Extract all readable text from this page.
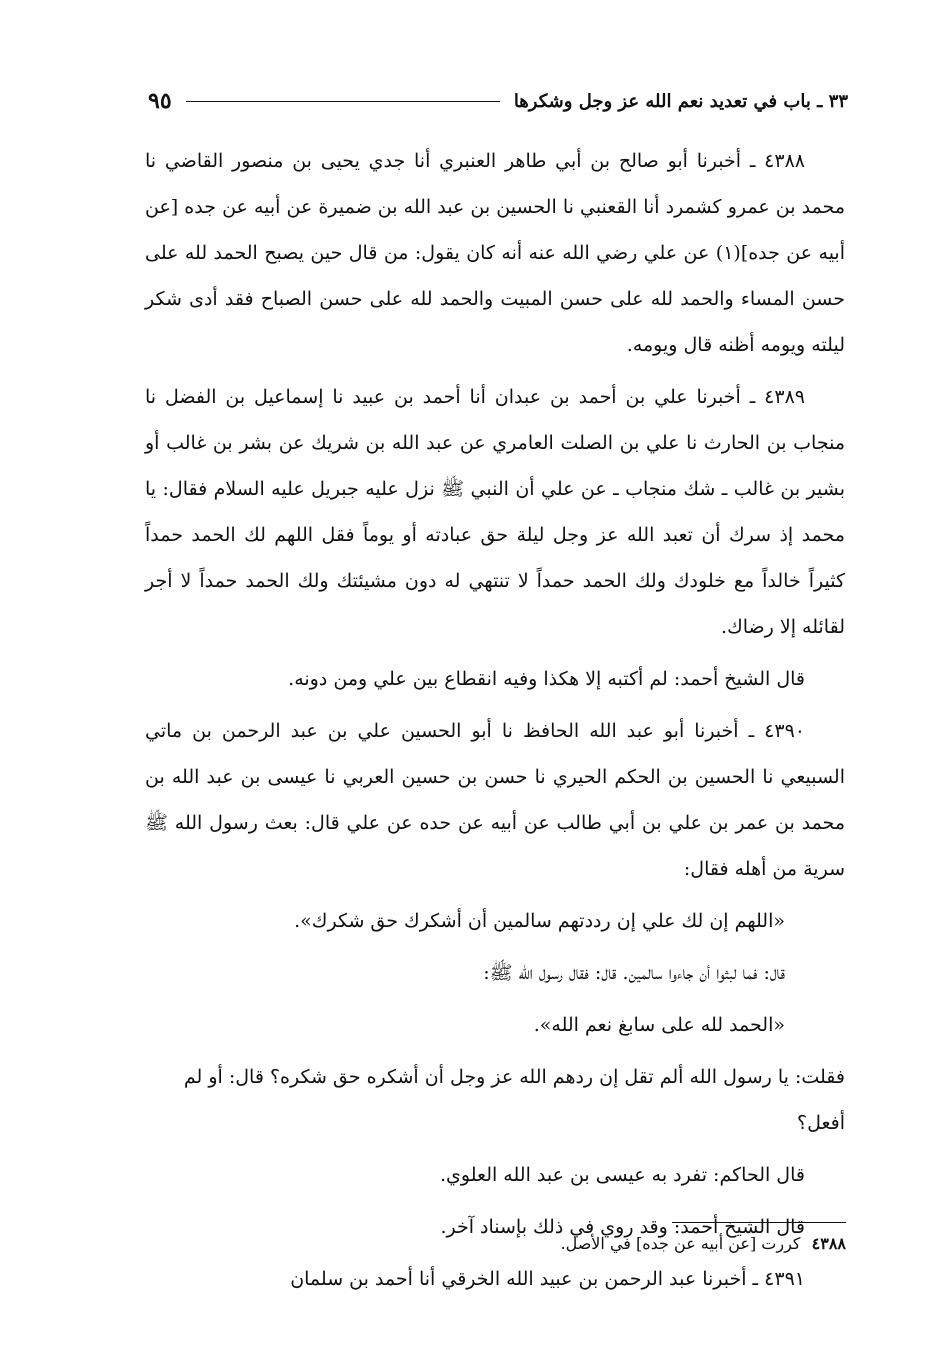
٣٣ ـ باب في تعديد نعم الله عز وجل وشكرها
٩٥

٤٣٨٨ ـ أخبرنا أبو صالح بن أبي طاهر العنبري أنا جدي يحيى بن منصور القاضي نا محمد بن عمرو كشمرد أنا القعنبي نا الحسين بن عبد الله بن ضميرة عن أبيه عن جده [عن أبيه عن جده](١) عن علي رضي الله عنه أنه كان يقول: من قال حين يصبح الحمد لله على حسن المساء والحمد لله على حسن المبيت والحمد لله على حسن الصباح فقد أدى شكر ليلته ويومه أظنه قال ويومه.

٤٣٨٩ ـ أخبرنا علي بن أحمد بن عبدان أنا أحمد بن عبيد نا إسماعيل بن الفضل نا منجاب بن الحارث نا علي بن الصلت العامري عن عبد الله بن شريك عن بشر بن غالب أو بشير بن غالب ـ شك منجاب ـ عن علي أن النبي ﷺ نزل عليه جبريل عليه السلام فقال: يا محمد إذ سرك أن تعبد الله عز وجل ليلة حق عبادته أو يوماً فقل اللهم لك الحمد حمداً كثيراً خالداً مع خلودك ولك الحمد حمداً لا تنتهي له دون مشيئتك ولك الحمد حمداً لا أجر لقائله إلا رضاك.

قال الشيخ أحمد: لم أكتبه إلا هكذا وفيه انقطاع بين علي ومن دونه.

٤٣٩٠ ـ أخبرنا أبو عبد الله الحافظ نا أبو الحسين علي بن عبد الرحمن بن ماتي السبيعي نا الحسين بن الحكم الحيري نا حسن بن حسين العربي نا عيسى بن عبد الله بن محمد بن عمر بن علي بن أبي طالب عن أبيه عن حده عن علي قال: بعث رسول الله ﷺ سرية من أهله فقال:

«اللهم إن لك علي إن رددتهم سالمين أن أشكرك حق شكرك».

قال: فما لبثوا أن جاءوا سالمين. قال: فقال رسول الله ﷺ:

«الحمد لله على سابغ نعم الله».

فقلت: يا رسول الله ألم تقل إن ردهم الله عز وجل أن أشكره حق شكره؟ قال: أو لم أفعل؟

قال الحاكم: تفرد به عيسى بن عبد الله العلوي.

قال الشيخ أحمد: وقد روي في ذلك بإسناد آخر.

٤٣٩١ ـ أخبرنا عبد الرحمن بن عبيد الله الخرقي أنا أحمد بن سلمان

٤٣٨٨ كررت [عن أبيه عن جده] في الأصل.
